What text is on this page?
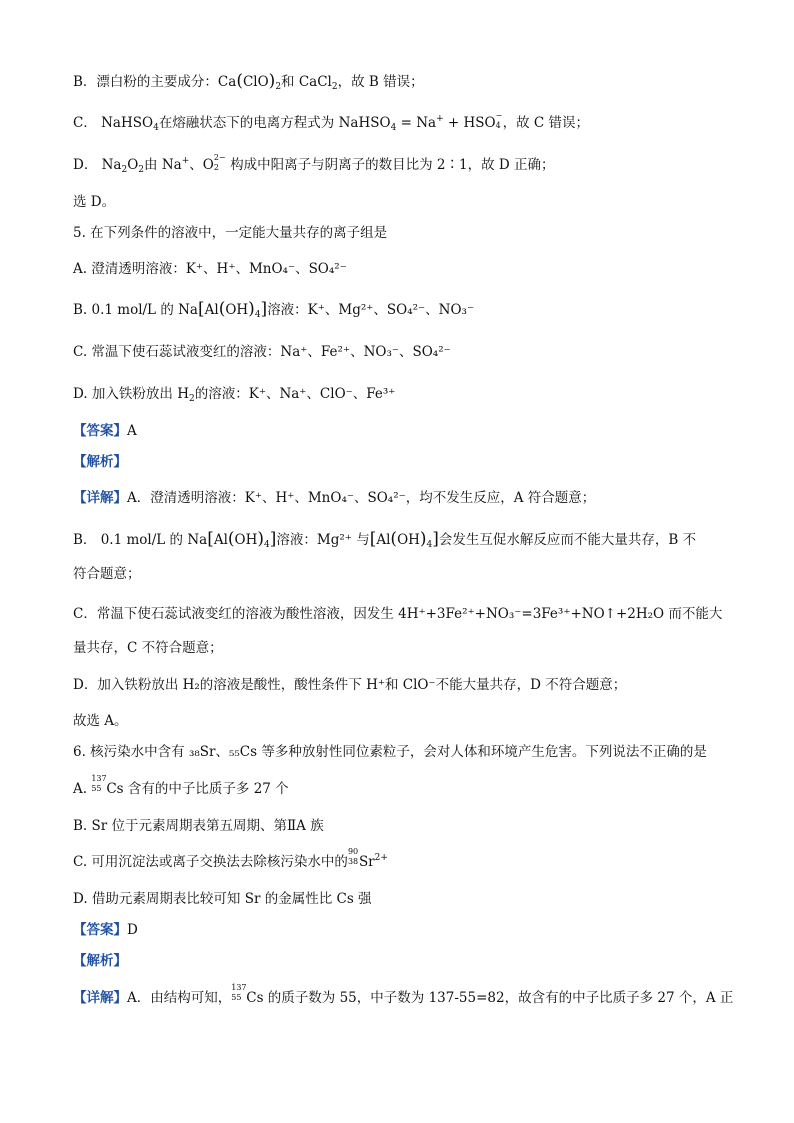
B．漂白粉的主要成分：$Ca(ClO)_2$和 CaCl$_2$，故 B 错误；
C． NaHSO$_4$在熔融状态下的电离方程式为 NaHSO$_4$ = Na+ + HSO −
4 ，故 C 错误；
D． $Na_2O_2$由 Na+、O 2−
2 构成中阳离子与阴离子的数目比为 2∶1，故 D 正确；
选 D。
5. 在下列条件的溶液中，一定能大量共存的离子组是
A. 澄清透明溶液：K⁺、H⁺、MnO₄⁻、SO₄²⁻
B. 0.1 mol/L 的 $Na[Al(OH)_4]$溶液：K⁺、Mg²⁺、SO₄²⁻、NO₃⁻
C. 常温下使石蕊试液变红的溶液：Na⁺、Fe²⁺、NO₃⁻、SO₄²⁻
D. 加入铁粉放出 $H_2$的溶液：K⁺、Na⁺、ClO⁻、Fe³⁺
【答案】A
【解析】
【详解】A．澄清透明溶液：K⁺、H⁺、MnO₄⁻、SO₄²⁻，均不发生反应，A 符合题意；
B． 0.1 mol/L 的 $Na[Al(OH)_4]$溶液：Mg²⁺ 与$[Al(OH)_4]$会发生互促水解反应而不能大量共存，B 不
符合题意；
C．常温下使石蕊试液变红的溶液为酸性溶液，因发生 4H⁺+3Fe²⁺+NO₃⁻=3Fe³⁺+NO↑+2H₂O 而不能大
量共存，C 不符合题意；
D．加入铁粉放出 H₂的溶液是酸性，酸性条件下 H⁺和 ClO⁻不能大量共存，D 不符合题意；
故选 A。
6. 核污染水中含有 ₃₈Sr、₅₅Cs 等多种放射性同位素粒子，会对人体和环境产生危害。下列说法不正确的是
A.
137
55 Cs 含有的中子比质子多 27 个
B. Sr 位于元素周期表第五周期、第ⅡA 族
C. 可用沉淀法或离子交换法去除核污染水中的
90
38 $Sr^{2+}$
D. 借助元素周期表比较可知 Sr 的金属性比 Cs 强
【答案】D
【解析】
【详解】A．由结构可知，
137
55 Cs 的质子数为 55，中子数为 137-55=82，故含有的中子比质子多 27 个，A 正
